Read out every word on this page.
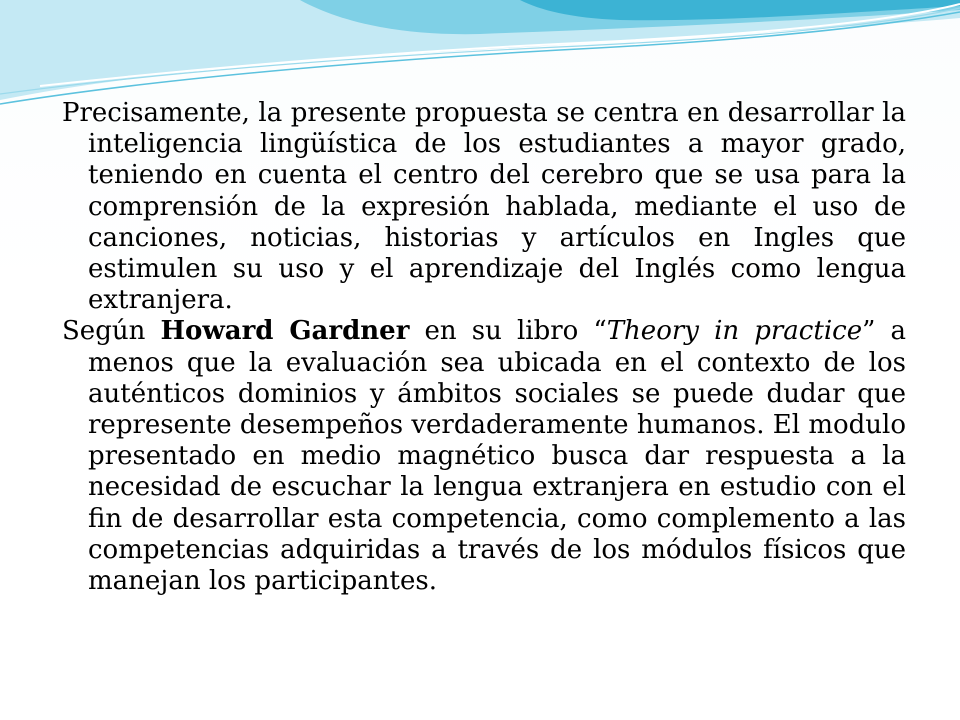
Precisamente, la presente propuesta se centra en desarrollar la inteligencia lingüística de los estudiantes a mayor grado, teniendo en cuenta el centro del cerebro que se usa para la comprensión de la expresión hablada, mediante el uso de canciones, noticias, historias y artículos en Ingles que estimulen su uso y el aprendizaje del Inglés como lengua extranjera.

Según Howard Gardner en su libro “Theory in practice” a menos que la evaluación sea ubicada en el contexto de los auténticos dominios y ámbitos sociales se puede dudar que represente desempeños verdaderamente humanos. El modulo presentado en medio magnético busca dar respuesta a la necesidad de escuchar la lengua extranjera en estudio con el fin de desarrollar esta competencia, como complemento a las competencias adquiridas a través de los módulos físicos que manejan los participantes.
